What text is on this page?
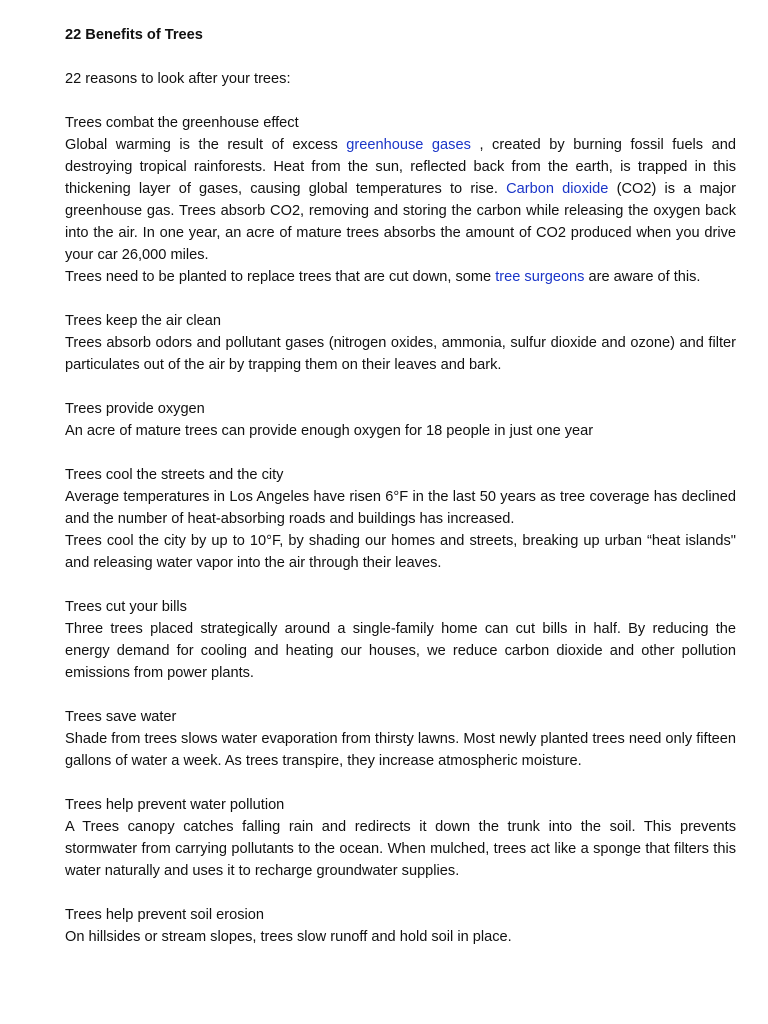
22 Benefits of Trees

22 reasons to look after your trees:

Trees combat the greenhouse effect

Global warming is the result of excess greenhouse gases , created by burning fossil fuels and destroying tropical rainforests. Heat from the sun, reflected back from the earth, is trapped in this thickening layer of gases, causing global temperatures to rise. Carbon dioxide (CO2) is a major greenhouse gas. Trees absorb CO2, removing and storing the carbon while releasing the oxygen back into the air. In one year, an acre of mature trees absorbs the amount of CO2 produced when you drive your car 26,000 miles.

Trees need to be planted to replace trees that are cut down, some tree surgeons are aware of this.

Trees keep the air clean

Trees absorb odors and pollutant gases (nitrogen oxides, ammonia, sulfur dioxide and ozone) and filter particulates out of the air by trapping them on their leaves and bark.

Trees provide oxygen

An acre of mature trees can provide enough oxygen for 18 people in just one year

Trees cool the streets and the city

Average temperatures in Los Angeles have risen 6°F in the last 50 years as tree coverage has declined and the number of heat-absorbing roads and buildings has increased.

Trees cool the city by up to 10°F, by shading our homes and streets, breaking up urban “heat islands" and releasing water vapor into the air through their leaves.

Trees cut your bills

Three trees placed strategically around a single-family home can cut bills in half. By reducing the energy demand for cooling and heating our houses, we reduce carbon dioxide and other pollution emissions from power plants.

Trees save water

Shade from trees slows water evaporation from thirsty lawns. Most newly planted trees need only fifteen gallons of water a week. As trees transpire, they increase atmospheric moisture.

Trees help prevent water pollution

A Trees canopy catches falling rain and redirects it down the trunk into the soil. This prevents stormwater from carrying pollutants to the ocean. When mulched, trees act like a sponge that filters this water naturally and uses it to recharge groundwater supplies.

Trees help prevent soil erosion

On hillsides or stream slopes, trees slow runoff and hold soil in place.
